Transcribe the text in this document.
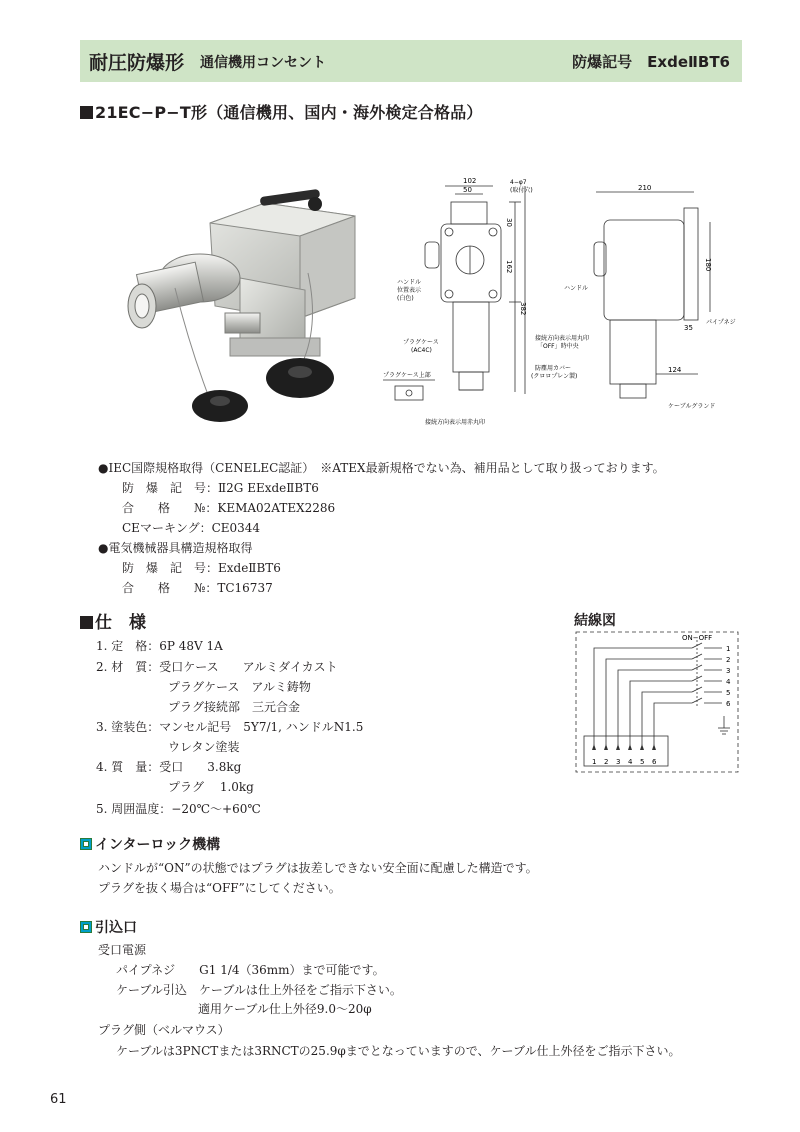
耐圧防爆形 通信機用コンセント	防爆記号　ExdeⅡBT6
21EC−P−T形（通信機用、国内・海外検定合格品）
102
50
4−φ7
(取付穴)
30
162
382
ハンドル
位置表示
(白色)
プラグケース
(AC4C)
接続方向表示用丸印
「OFF」時中央
防塵用カバー
(クロロプレン製)
プラグケース上部
接続方向表示用赤丸印
210
180
35
124
ハンドル
パイプネジ
ケーブルグランド
●IEC国際規格取得（CENELEC認証）　※ATEX最新規格でない為、補用品として取り扱っております。
防　爆　記　号：Ⅱ2G EExdeⅡBT6
合　　格　　№：KEMA02ATEX2286
CEマーキング：CE0344
●電気機械器具構造規格取得
防　爆　記　号：ExdeⅡBT6
合　　格　　№：TC16737
仕　様
1. 定　格：6P 48V 1A
2. 材　質：受口ケース　　アルミダイカスト
プラグケース　アルミ鋳物
プラグ接続部　三元合金
3. 塗装色：マンセル記号　5Y7/1, ハンドルN1.5
ウレタン塗装
4. 質　量：受口　　3.8kg
プラグ　 1.0kg
5. 周囲温度：−20℃〜+60℃
結線図
ON−OFF
1
2
3
4
5
6
1 2 3 4 5 6
インターロック機構
ハンドルが“ON”の状態ではプラグは抜差しできない安全面に配慮した構造です。
プラグを抜く場合は“OFF”にしてください。
引込口
受口電源
パイプネジ　　G1 1/4（36mm）まで可能です。
ケーブル引込　ケーブルは仕上外径をご指示下さい。
適用ケーブル仕上外径9.0〜20φ
プラグ側（ベルマウス）
ケーブルは3PNCTまたは3RNCTの25.9φまでとなっていますので、ケーブル仕上外径をご指示下さい。
61
